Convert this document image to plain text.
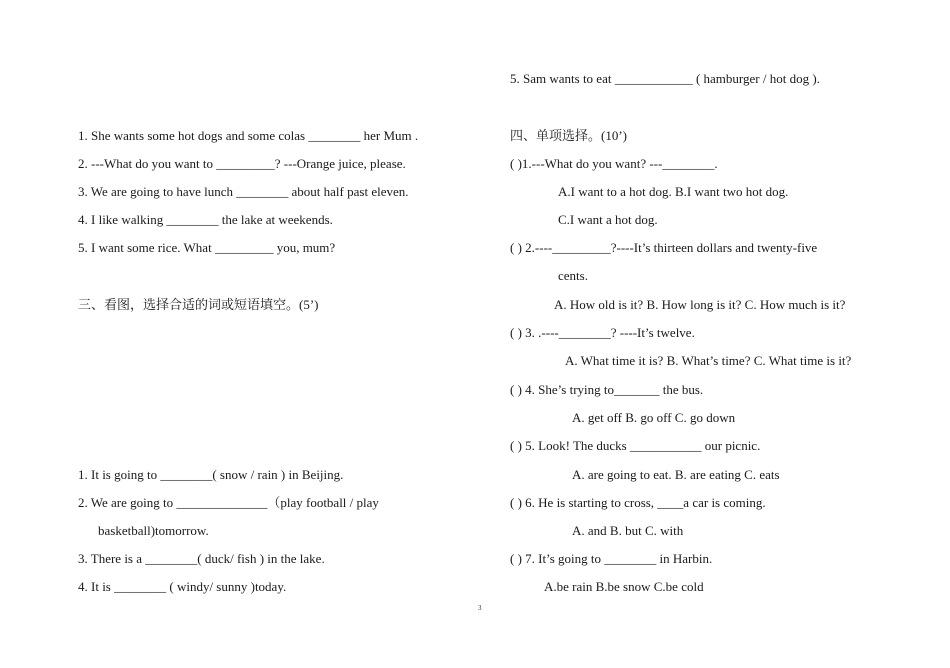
1. She wants some hot dogs and some colas ________ her Mum .
2. ---What do you want to _________? ---Orange juice, please.
3. We are going to have lunch ________ about half past eleven.
4. I like walking ________ the lake at weekends.
5. I want some rice. What _________ you, mum?
三、看图，选择合适的词或短语填空。(5’)
1. It is going to ________( snow / rain ) in Beijing.
2. We are going to ______________（play football / play
basketball)tomorrow.
3. There is a ________( duck/ fish ) in the lake.
4. It is ________ ( windy/ sunny )today.
5. Sam wants to eat ____________ ( hamburger / hot dog ).
四、单项选择。(10’)
( )1.---What do you want? ---________.
A.I want to a hot dog. B.I want two hot dog.
C.I want a hot dog.
( ) 2.----_________?----It’s thirteen dollars and twenty-five
cents.
A. How old is it? B. How long is it? C. How much is it?
( ) 3. .----________? ----It’s twelve.
A. What time it is? B. What’s time? C. What time is it?
( ) 4. She’s trying to_______ the bus.
A. get off B. go off C. go down
( ) 5. Look! The ducks ___________ our picnic.
A. are going to eat. B. are eating C. eats
( ) 6. He is starting to cross, ____a car is coming.
A. and B. but C. with
( ) 7. It’s going to ________ in Harbin.
A.be rain B.be snow C.be cold
3
